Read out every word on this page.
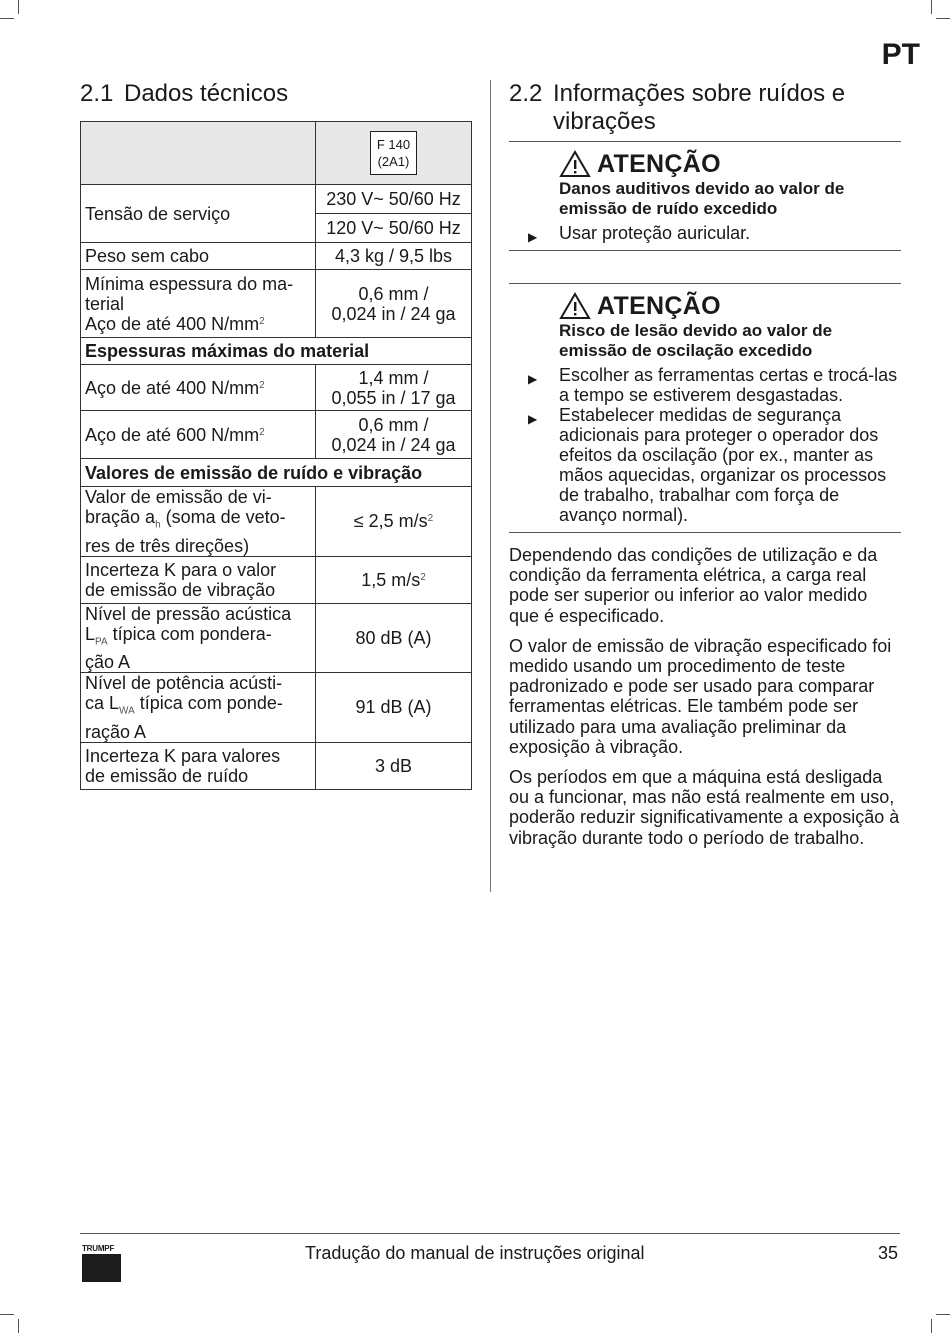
PT
2.1 Dados técnicos
	F 140
(2A1)
Tensão de serviço	230 V~ 50/60 Hz
120 V~ 50/60 Hz

Peso sem cabo	4,3 kg / 9,5 lbs
Mínima espessura do ma-
terial
Aço de até 400 $N/mm^2$	0,6 mm /
0,024 in / 24 ga
Espessuras máximas do material	
Aço de até 400 $N/mm^2$	1,4 mm /
0,055 in / 17 ga
Aço de até 600 $N/mm^2$	0,6 mm /
0,024 in / 24 ga
Valores de emissão de ruído e vibração	
Valor de emissão de vi-
bração $a_h$ (soma de veto-
res de três direções)	≤ 2,5 $m/s^2$
Incerteza K para o valor
de emissão de vibração	1,5 $m/s^2$
Nível de pressão acústica
$L_{PA}$ típica com pondera-
ção A	80 dB (A)
Nível de potência acústi-
ca $L_{WA}$ típica com ponde-
ração A	91 dB (A)
Incerteza K para valores
de emissão de ruído	3 dB
2.2 Informações sobre ruídos e vibrações
ATENÇÃO
Danos auditivos devido ao valor de emissão de ruído excedido
▶ Usar proteção auricular.
ATENÇÃO
Risco de lesão devido ao valor de emissão de oscilação excedido
▶ Escolher as ferramentas certas e trocá-las a tempo se estiverem desgastadas.
▶ Estabelecer medidas de segurança adicionais para proteger o operador dos efeitos da oscilação (por ex., manter as mãos aquecidas, organizar os processos de trabalho, trabalhar com força de avanço normal).

Dependendo das condições de utilização e da condição da ferramenta elétrica, a carga real pode ser superior ou inferior ao valor medido que é especificado.

O valor de emissão de vibração especificado foi medido usando um procedimento de teste padronizado e pode ser usado para comparar ferramentas elétricas. Ele também pode ser utilizado para uma avaliação preliminar da exposição à vibração.

Os períodos em que a máquina está desligada ou a funcionar, mas não está realmente em uso, poderão reduzir significativamente a exposição à vibração durante todo o período de trabalho.

TRUMPF	Tradução do manual de instruções original	35
